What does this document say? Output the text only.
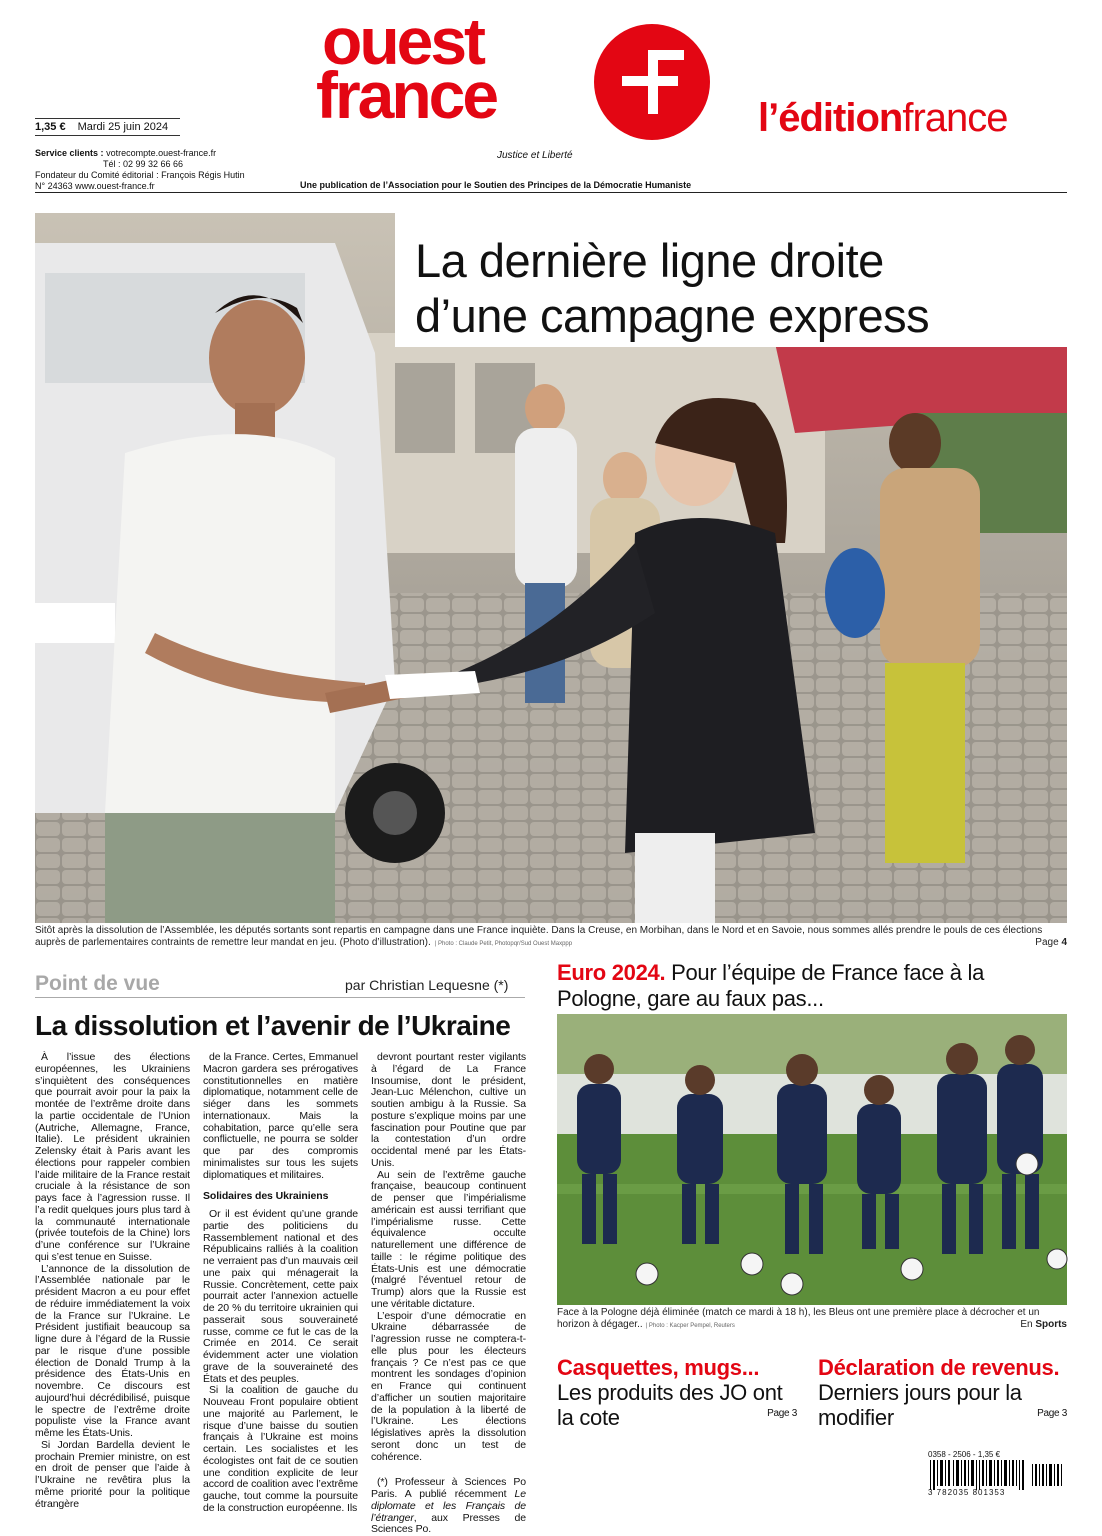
ouest
france
Justice et Liberté
l’éditionfrance
1,35 € Mardi 25 juin 2024
Service clients : votrecompte.ouest-france.fr
Tél : 02 99 32 66 66
Fondateur du Comité éditorial : François Régis Hutin
N° 24363 www.ouest-france.fr	Une publication de l’Association pour le Soutien des Principes de la Démocratie Humaniste
La dernière ligne droite
d’une campagne express
Sitôt après la dissolution de l’Assemblée, les députés sortants sont repartis en campagne dans une France inquiète. Dans la Creuse, en Morbihan, dans le Nord et en Savoie, nous sommes allés prendre le pouls de ces élections auprès de parlementaires contraints de remettre leur mandat en jeu. (Photo d’illustration). | Photo : Claude Petit, Photopqr/Sud Ouest Maxppp	Page 4
Point de vue	par Christian Lequesne (*)
La dissolution et l’avenir de l’Ukraine

À l’issue des élections européennes, les Ukrainiens s’inquiètent des conséquences que pourrait avoir pour la paix la montée de l’extrême droite dans la partie occidentale de l’Union (Autriche, Allemagne, France, Italie). Le président ukrainien Zelensky était à Paris avant les élections pour rappeler combien l’aide militaire de la France restait cruciale à la résistance de son pays face à l’agression russe. Il l’a redit quelques jours plus tard à la communauté internationale (privée toutefois de la Chine) lors d’une conférence sur l’Ukraine qui s’est tenue en Suisse.

L’annonce de la dissolution de l’Assemblée nationale par le président Macron a eu pour effet de réduire immédiatement la voix de la France sur l’Ukraine. Le Président justifiait beaucoup sa ligne dure à l’égard de la Russie par le risque d’une possible élection de Donald Trump à la présidence des États-Unis en novembre. Ce discours est aujourd’hui décrédibilisé, puisque le spectre de l’extrême droite populiste vise la France avant même les États-Unis.

Si Jordan Bardella devient le prochain Premier ministre, on est en droit de penser que l’aide à l’Ukraine ne revêtira plus la même priorité pour la politique étrangère

de la France. Certes, Emmanuel Macron gardera ses prérogatives constitutionnelles en matière diplomatique, notamment celle de siéger dans les sommets internationaux. Mais la cohabitation, parce qu’elle sera conflictuelle, ne pourra se solder que par des compromis minimalistes sur tous les sujets diplomatiques et militaires.

Solidaires des Ukrainiens

Or il est évident qu’une grande partie des politiciens du Rassemblement national et des Républicains ralliés à la coalition ne verraient pas d’un mauvais œil une paix qui ménagerait la Russie. Concrètement, cette paix pourrait acter l’annexion actuelle de 20 % du territoire ukrainien qui passerait sous souveraineté russe, comme ce fut le cas de la Crimée en 2014. Ce serait évidemment acter une violation grave de la souveraineté des États et des peuples.

Si la coalition de gauche du Nouveau Front populaire obtient une majorité au Parlement, le risque d’une baisse du soutien français à l’Ukraine est moins certain. Les socialistes et les écologistes ont fait de ce soutien une condition explicite de leur accord de coalition avec l’extrême gauche, tout comme la poursuite de la construction européenne. Ils

devront pourtant rester vigilants à l’égard de La France Insoumise, dont le président, Jean-Luc Mélenchon, cultive un soutien ambigu à la Russie. Sa posture s’explique moins par une fascination pour Poutine que par la contestation d’un ordre occidental mené par les États-Unis.

Au sein de l’extrême gauche française, beaucoup continuent de penser que l’impérialisme américain est aussi terrifiant que l’impérialisme russe. Cette équivalence occulte naturellement une différence de taille : le régime politique des États-Unis est une démocratie (malgré l’éventuel retour de Trump) alors que la Russie est une véritable dictature.

L’espoir d’une démocratie en Ukraine débarrassée de l’agression russe ne comptera-t-elle plus pour les électeurs français ? Ce n’est pas ce que montrent les sondages d’opinion en France qui continuent d’afficher un soutien majoritaire de la population à la liberté de l’Ukraine. Les élections législatives après la dissolution seront donc un test de cohérence.

(*) Professeur à Sciences Po Paris. A publié récemment Le diplomate et les Français de l’étranger, aux Presses de Sciences Po.

Euro 2024. Pour l’équipe de France face à la Pologne, gare au faux pas...
Face à la Pologne déjà éliminée (match ce mardi à 18 h), les Bleus ont une première place à décrocher et un horizon à dégager.. | Photo : Kacper Pempel, Reuters	En Sports
Casquettes, mugs...
Les produits des JO ont la cote	Page 3
Déclaration de revenus.
Derniers jours pour la modifier	Page 3
0358 - 2506 - 1,35 €
3 782035 801353
